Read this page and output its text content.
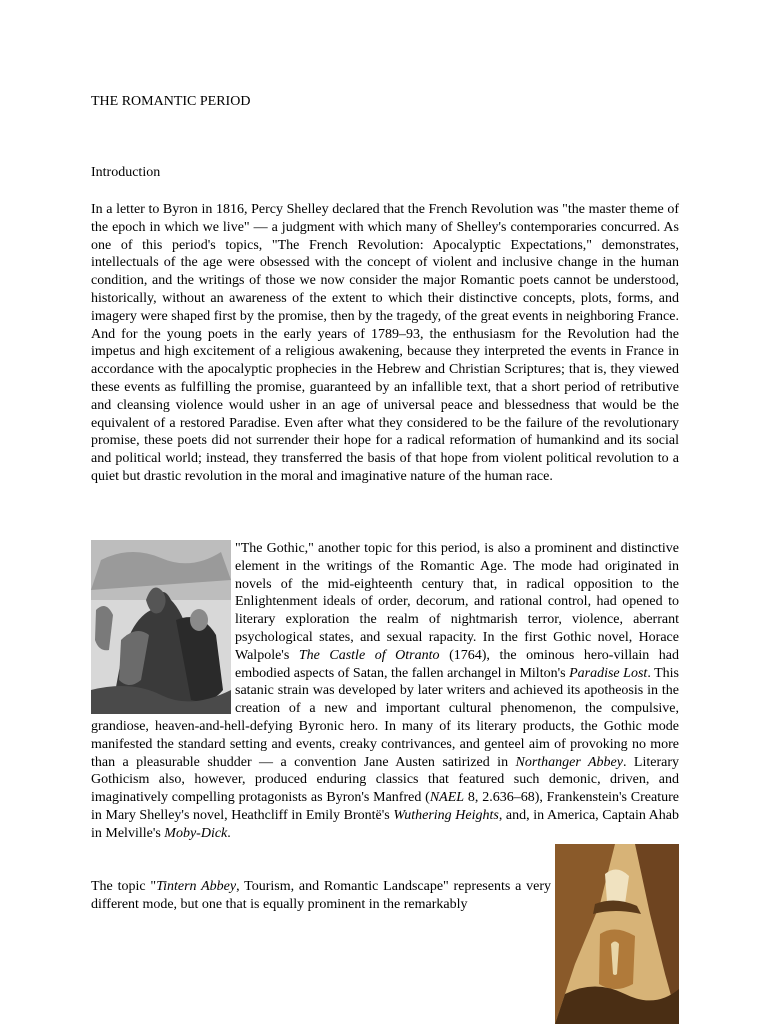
THE ROMANTIC PERIOD
Introduction
In a letter to Byron in 1816, Percy Shelley declared that the French Revolution was "the master theme of the epoch in which we live" — a judgment with which many of Shelley's contemporaries concurred. As one of this period's topics, "The French Revolution: Apocalyptic Expectations," demonstrates, intellectuals of the age were obsessed with the concept of violent and inclusive change in the human condition, and the writings of those we now consider the major Romantic poets cannot be understood, historically, without an awareness of the extent to which their distinctive concepts, plots, forms, and imagery were shaped first by the promise, then by the tragedy, of the great events in neighboring France. And for the young poets in the early years of 1789–93, the enthusiasm for the Revolution had the impetus and high excitement of a religious awakening, because they interpreted the events in France in accordance with the apocalyptic prophecies in the Hebrew and Christian Scriptures; that is, they viewed these events as fulfilling the promise, guaranteed by an infallible text, that a short period of retributive and cleansing violence would usher in an age of universal peace and blessedness that would be the equivalent of a restored Paradise. Even after what they considered to be the failure of the revolutionary promise, these poets did not surrender their hope for a radical reformation of humankind and its social and political world; instead, they transferred the basis of that hope from violent political revolution to a quiet but drastic revolution in the moral and imaginative nature of the human race.
"The Gothic," another topic for this period, is also a prominent and distinctive element in the writings of the Romantic Age. The mode had originated in novels of the mid-eighteenth century that, in radical opposition to the Enlightenment ideals of order, decorum, and rational control, had opened to literary exploration the realm of nightmarish terror, violence, aberrant psychological states, and sexual rapacity. In the first Gothic novel, Horace Walpole's The Castle of Otranto (1764), the ominous hero-villain had embodied aspects of Satan, the fallen archangel in Milton's Paradise Lost. This satanic strain was developed by later writers and achieved its apotheosis in the creation of a new and important cultural phenomenon, the compulsive, grandiose, heaven-and-hell-defying Byronic hero. In many of its literary products, the Gothic mode manifested the standard setting and events, creaky contrivances, and genteel aim of provoking no more than a pleasurable shudder — a convention Jane Austen satirized in Northanger Abbey. Literary Gothicism also, however, produced enduring classics that featured such demonic, driven, and imaginatively compelling protagonists as Byron's Manfred (NAEL 8, 2.636–68), Frankenstein's Creature in Mary Shelley's novel, Heathcliff in Emily Brontë's Wuthering Heights, and, in America, Captain Ahab in Melville's Moby-Dick.
The topic "Tintern Abbey, Tourism, and Romantic Landscape" represents a very different mode, but one that is equally prominent in the remarkably
